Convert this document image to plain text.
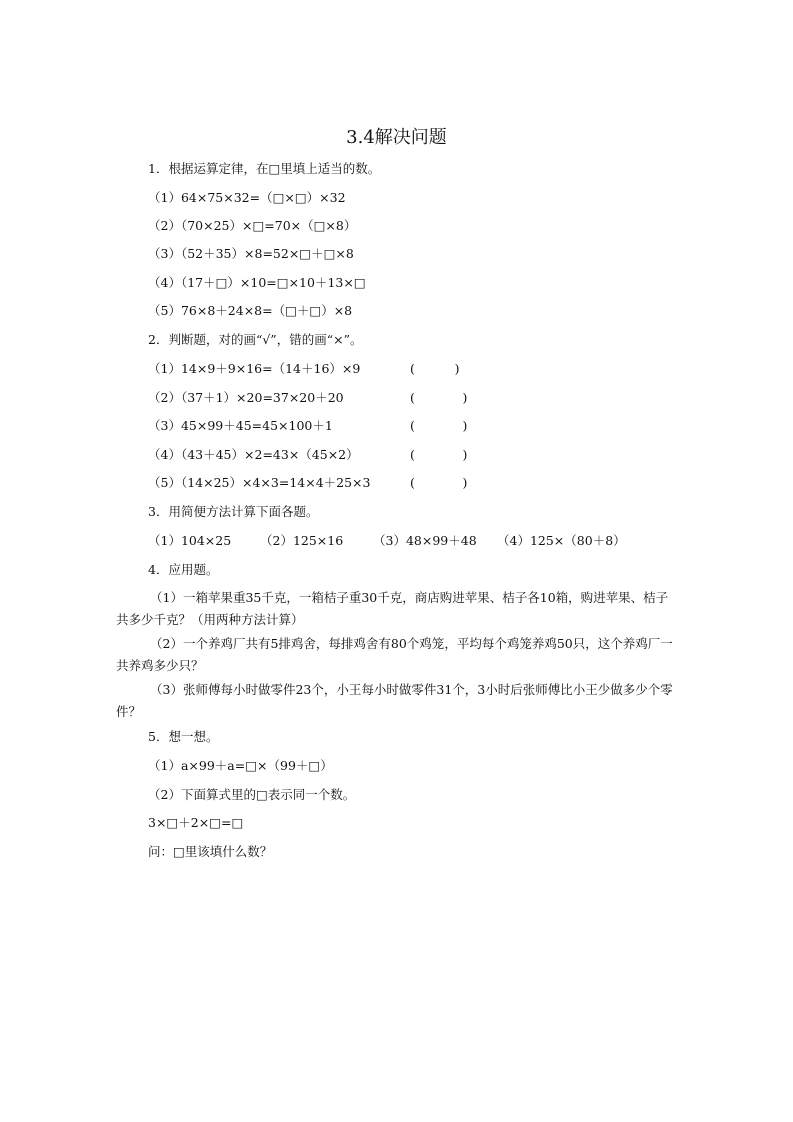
3.4解决问题
1．根据运算定律，在□里填上适当的数。
（1）64×75×32=（□×□）×32
（2）（70×25）×□=70×（□×8）
（3）（52＋35）×8=52×□＋□×8
（4）（17＋□）×10=□×10＋13×□
（5）76×8＋24×8=（□＋□）×8
2．判断题，对的画“√”，错的画“×”。
（1）14×9＋9×16=（14＋16）×9	(          )
（2）（37＋1）×20=37×20＋20	(            )
（3）45×99＋45=45×100＋1	(            )
（4）（43＋45）×2=43×（45×2）	(            )
（5）（14×25）×4×3=14×4＋25×3	(            )
3．用简便方法计算下面各题。
（1）104×25 （2）125×16 （3）48×99＋48 （4）125×（80＋8）
4．应用题。
（1）一箱苹果重35千克，一箱桔子重30千克，商店购进苹果、桔子各10箱，购进苹果、桔子共多少千克？（用两种方法计算）
（2）一个养鸡厂共有5排鸡舍，每排鸡舍有80个鸡笼，平均每个鸡笼养鸡50只，这个养鸡厂一共养鸡多少只？
（3）张师傅每小时做零件23个，小王每小时做零件31个，3小时后张师傅比小王少做多少个零件？
5．想一想。
（1）a×99＋a=□×（99＋□）
（2）下面算式里的□表示同一个数。
3×□＋2×□=□
问：□里该填什么数？
